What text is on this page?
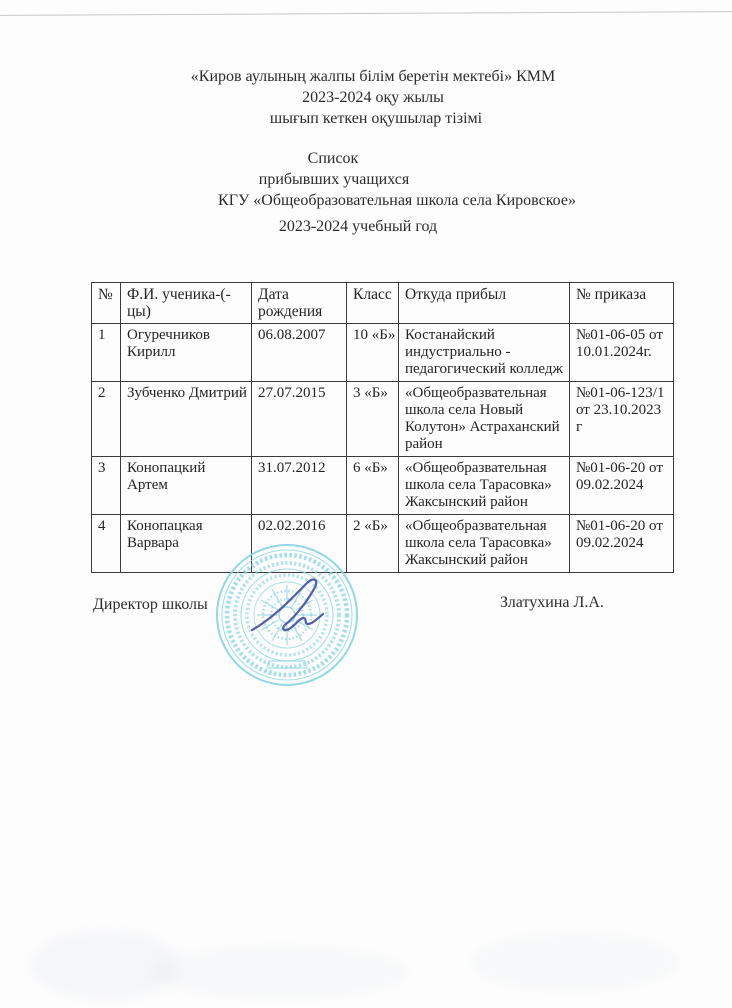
«Киров аулының жалпы білім беретін мектебі» КММ
2023-2024 оқу жылы
шығып кеткен оқушылар тізімі
Список
прибывших учащихся
КГУ «Общеобразовательная школа села Кировское»
2023-2024 учебный год
№	Ф.И. ученика-(-цы)	Дата рождения	Класс	Откуда прибыл	№ приказа
1	Огуречников Кирилл	06.08.2007	10 «Б»	Костанайский индустриально - педагогический колледж	№01-06-05 от 10.01.2024г.
2	Зубченко Дмитрий	27.07.2015	3 «Б»	«Общеобразвательная школа села Новый Колутон» Астраханский район	№01-06-123/1 от 23.10.2023 г
3	Конопацкий Артем	31.07.2012	6 «Б»	«Общеобразвательная школа села Тарасовка» Жаксынский район	№01-06-20 от 09.02.2024
4	Конопацкая Варвара	02.02.2016	2 «Б»	«Общеобразвательная школа села Тарасовка» Жаксынский район	№01-06-20 от 09.02.2024
Директор школы	Златухина Л.А.
